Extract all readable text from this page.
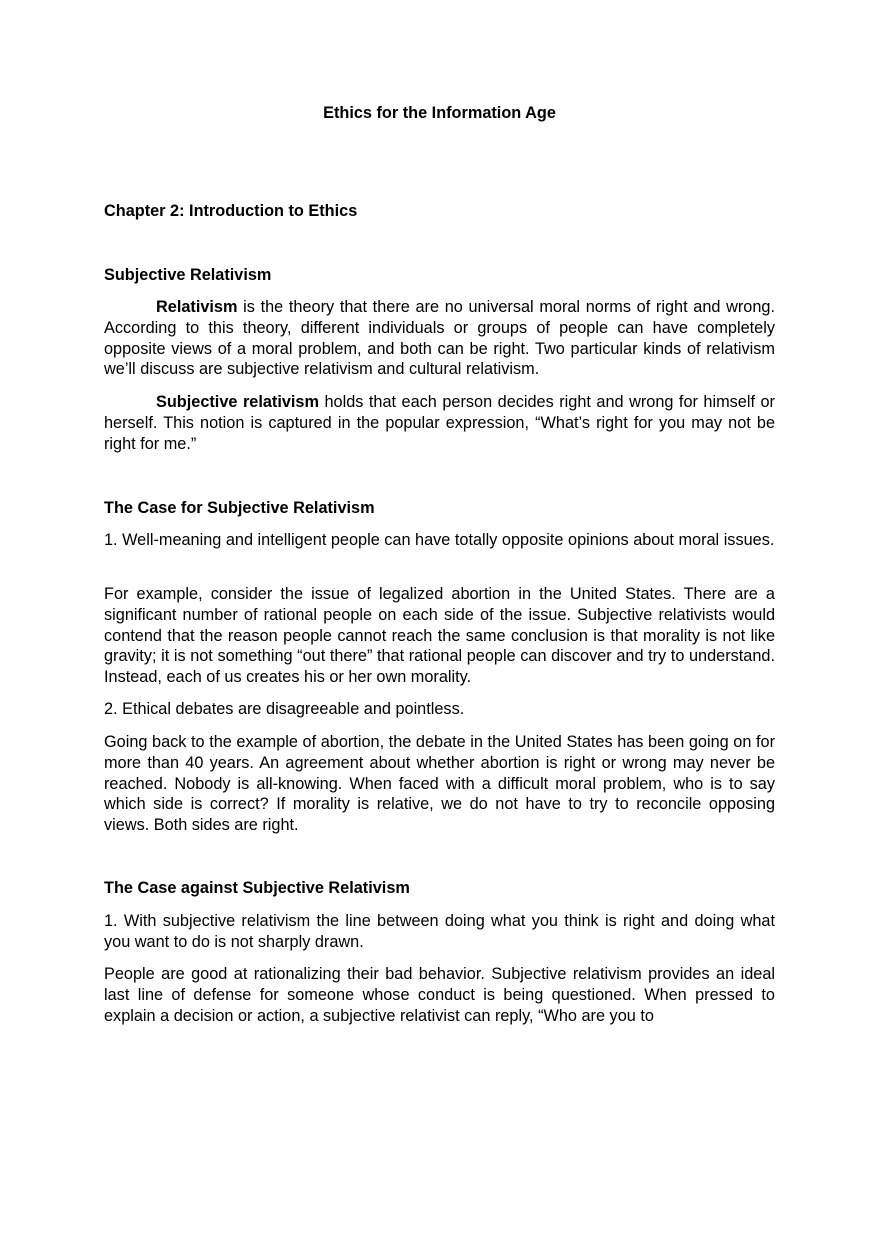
Ethics for the Information Age
Chapter 2: Introduction to Ethics
Subjective Relativism

Relativism is the theory that there are no universal moral norms of right and wrong. According to this theory, different individuals or groups of people can have completely opposite views of a moral problem, and both can be right. Two particular kinds of relativism we’ll discuss are subjective relativism and cultural relativism.

Subjective relativism holds that each person decides right and wrong for himself or herself. This notion is captured in the popular expression, “What’s right for you may not be right for me.”

The Case for Subjective Relativism

1. Well-meaning and intelligent people can have totally opposite opinions about moral issues.

For example, consider the issue of legalized abortion in the United States. There are a significant number of rational people on each side of the issue. Subjective relativists would contend that the reason people cannot reach the same conclusion is that morality is not like gravity; it is not something “out there” that rational people can discover and try to understand. Instead, each of us creates his or her own morality.

2. Ethical debates are disagreeable and pointless.

Going back to the example of abortion, the debate in the United States has been going on for more than 40 years. An agreement about whether abortion is right or wrong may never be reached. Nobody is all-knowing. When faced with a difficult moral problem, who is to say which side is correct? If morality is relative, we do not have to try to reconcile opposing views. Both sides are right.

The Case against Subjective Relativism

1. With subjective relativism the line between doing what you think is right and doing what you want to do is not sharply drawn.

People are good at rationalizing their bad behavior. Subjective relativism provides an ideal last line of defense for someone whose conduct is being questioned. When pressed to explain a decision or action, a subjective relativist can reply, “Who are you to
